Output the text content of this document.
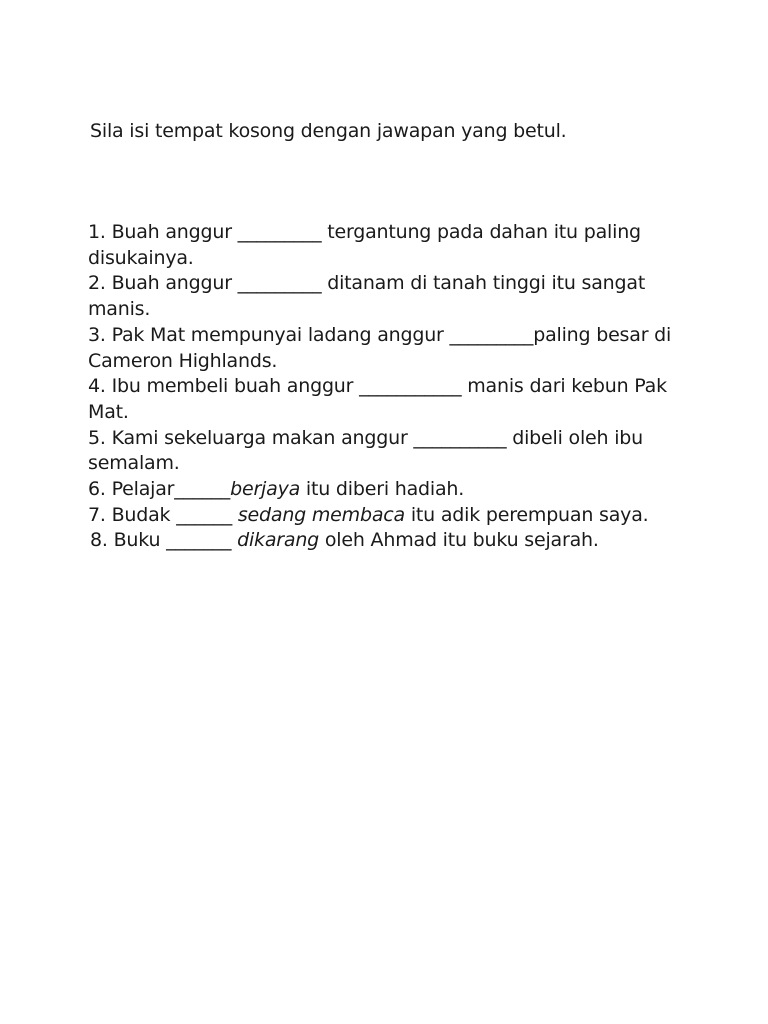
Sila isi tempat kosong dengan jawapan yang betul.

1. Buah anggur _________ tergantung pada dahan itu paling disukainya.
2. Buah anggur _________ ditanam di tanah tinggi itu sangat manis.
3. Pak Mat mempunyai ladang anggur _________paling besar di Cameron Highlands.
4. Ibu membeli buah anggur ___________ manis dari kebun Pak Mat.
5. Kami sekeluarga makan anggur __________ dibeli oleh ibu semalam.
6. Pelajar______berjaya itu diberi hadiah.
7. Budak ______ sedang membaca itu adik perempuan saya.
8. Buku _______ dikarang oleh Ahmad itu buku sejarah.
